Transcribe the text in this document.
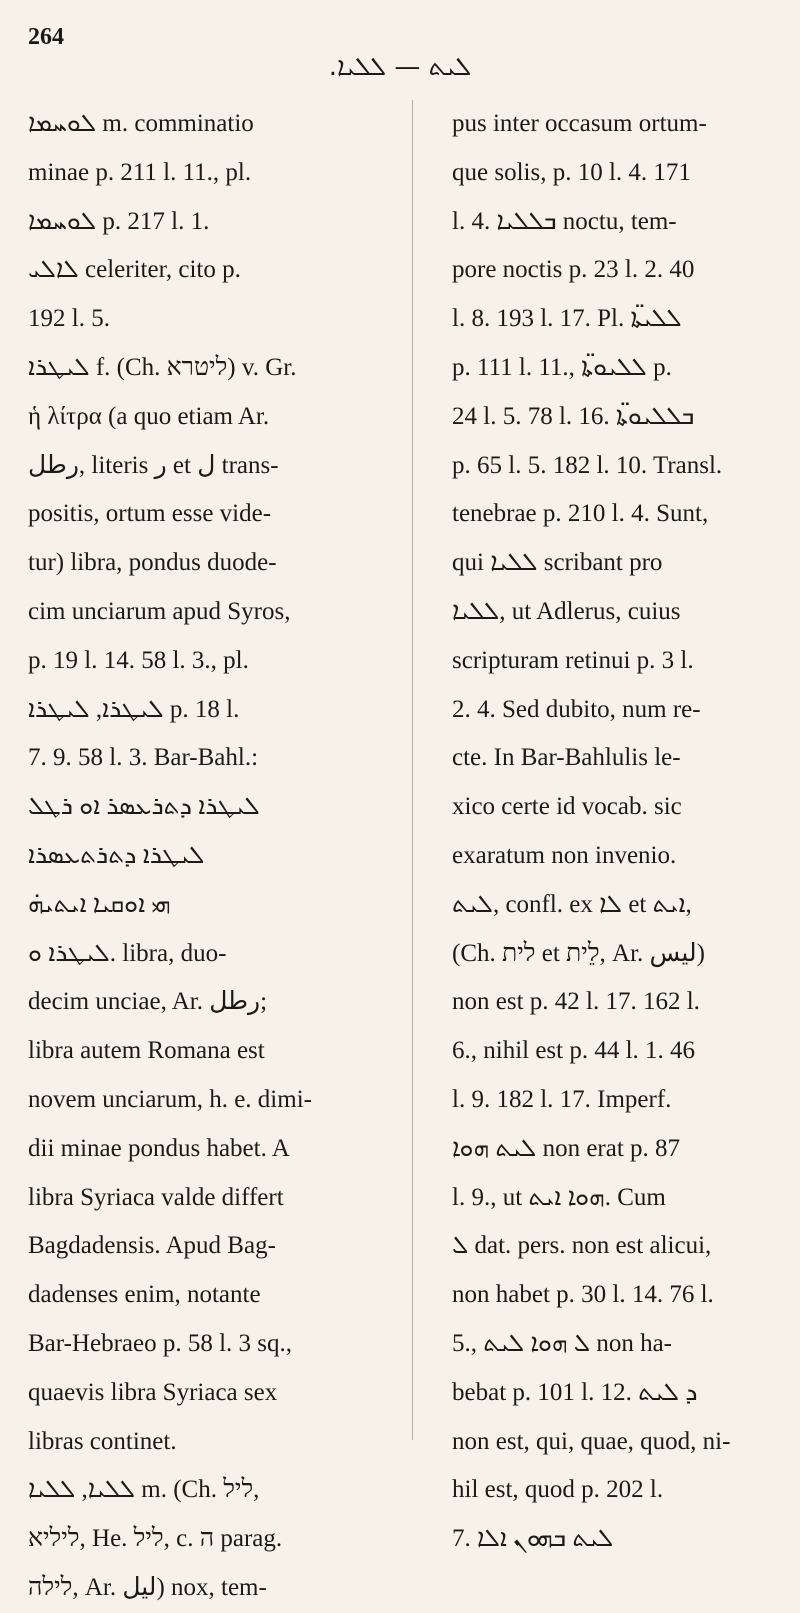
264
.ܠܝܬ — ܠܠܝܐ

ܠܘܚܡܐ m. comminatio

minae p. 211 l. 11., pl.

ܠܘܚܡܐ p. 217 l. 1.

ܠܐܠܝ celeriter, cito p.

192 l. 5.

ܠܝܛܪܐ f. (Ch. ליטרא) v. Gr.

ἡ λίτρα (a quo etiam Ar.

رطل, literis ر et ل trans-

positis, ortum esse vide-

tur) libra, pondus duode-

cim unciarum apud Syros,

p. 19 l. 14. 58 l. 3., pl.

ܠܝܛܪܐ, ܠܝܛܪܐ p. 18 l.

7. 9. 58 l. 3. Bar-Bahl.:

ܠܝܛܪܐ ܕܬܪܥܣܪ ܐܘ ܪܛܠ

ܠܝܛܪܐ ܕܬܪܬܥܣܪܐ

ܗܝ ܐܘܩܝܐ ܐܝܬܝܗ̇

ܠܝܛܪܐ ܘ. libra, duo-

decim unciae, Ar. رطل;

libra autem Romana est

novem unciarum, h. e. dimi-

dii minae pondus habet. A

libra Syriaca valde differt

Bagdadensis. Apud Bag-

dadenses enim, notante

Bar-Hebraeo p. 58 l. 3 sq.,

quaevis libra Syriaca sex

libras continet.

ܠܠܝܐ, ܠܠܝܐ m. (Ch. ליל,

ליליא, He. ליל, c. ה parag.

לילה, Ar. ليل) nox, tem-

pus inter occasum ortum-

que solis, p. 10 l. 4. 171

l. 4. ܒܠܠܝܐ noctu, tem-

pore noctis p. 23 l. 2. 40

l. 8. 193 l. 17. Pl. ܠܠܝܬ̈ܐ

p. 111 l. 11., ܠܠܝܘܬ̈ܐ p.

24 l. 5. 78 l. 16. ܒܠܠܝܘܬ̈ܐ

p. 65 l. 5. 182 l. 10. Transl.

tenebrae p. 210 l. 4. Sunt,

qui ܠܠܝܐ scribant pro

ܠܠܝܐ, ut Adlerus, cuius

scripturam retinui p. 3 l.

2. 4. Sed dubito, num re-

cte. In Bar-Bahlulis le-

xico certe id vocab. sic

exaratum non invenio.

ܠܝܬ, confl. ex ܠܐ et ܐܝܬ,

(Ch. לית et לֵית, Ar. ليس)

non est p. 42 l. 17. 162 l.

6., nihil est p. 44 l. 1. 46

l. 9. 182 l. 17. Imperf.

ܠܝܬ ܗܘܐ non erat p. 87

l. 9., ut ܗܘܐ ܐܝܬ. Cum

ܠ dat. pers. non est alicui,

non habet p. 30 l. 14. 76 l.

5., ܠ ܗܘܐ ܠܝܬ non ha-

bebat p. 101 l. 12. ܕ ܠܝܬ

non est, qui, quae, quod, ni-

hil est, quod p. 202 l.

7. ܠܝܬ ܒܗܘܢ ܐܠܐ
